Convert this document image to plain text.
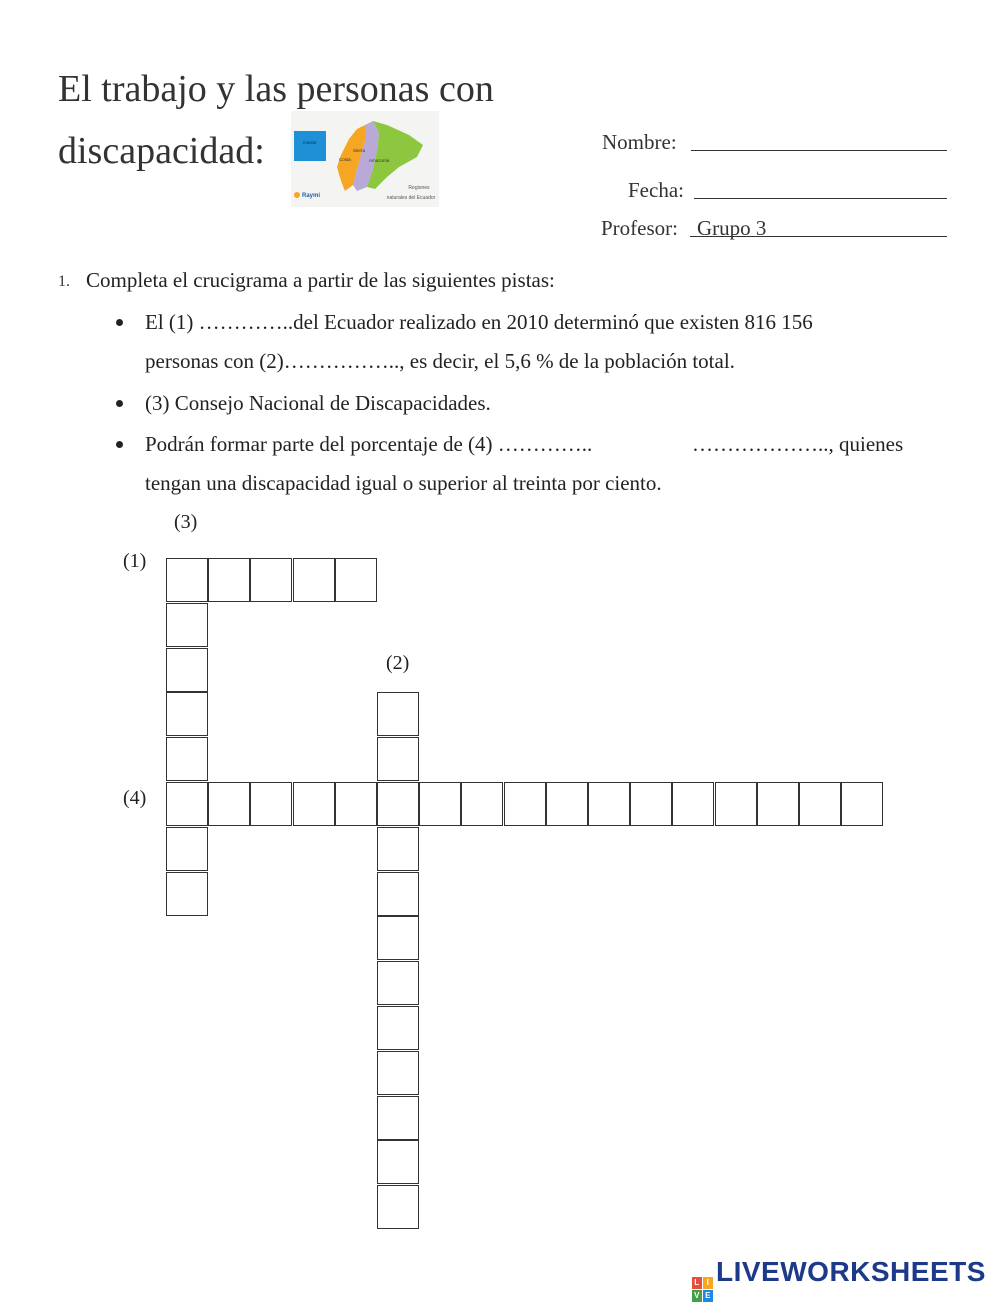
El trabajo y las personas con
discapacidad:	Insular
Costa
Sierra
Amazonía
Regiones
naturales del Ecuador
Raymi
Nombre:
Fecha:
Profesor: Grupo 3
1. Completa el crucigrama a partir de las siguientes pistas:
El (1) …………..del Ecuador realizado en 2010 determinó que existen 816 156
personas con (2)…………….., es decir, el 5,6 % de la población total.
(3) Consejo Nacional de Discapacidades.
Podrán formar parte del porcentaje de (4) …………..	……………….., quienes
tengan una discapacidad igual o superior al treinta por ciento.
(3)
(1)
(2)
(4)
L I
V E
LIVEWORKSHEETS
